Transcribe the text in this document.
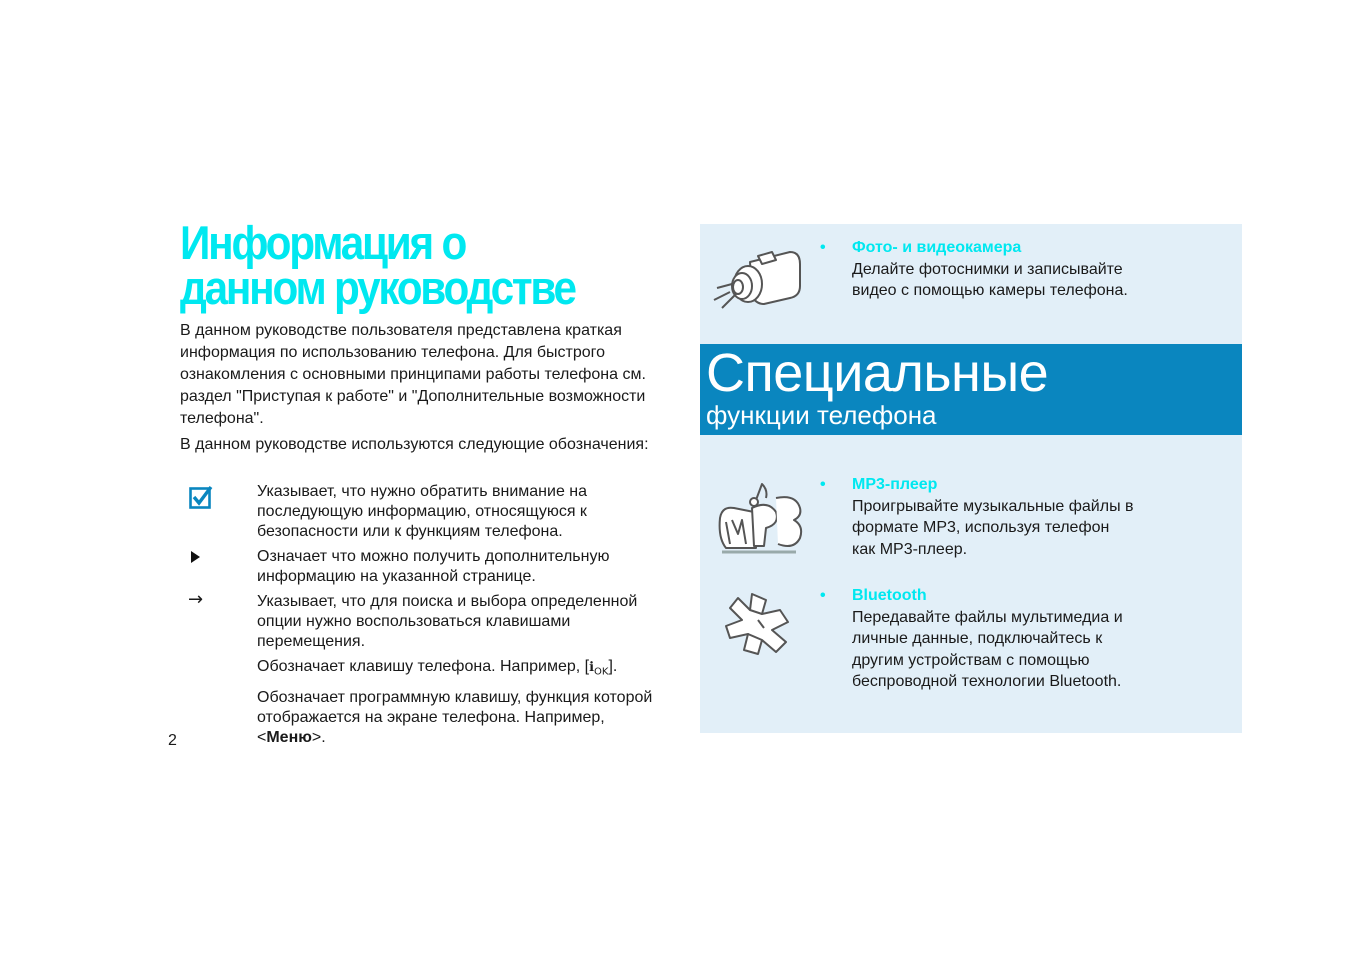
Информация о
данном руководстве

В данном руководстве пользователя представлена краткая информация по использованию телефона. Для быстрого ознакомления с основными принципами работы телефона см. раздел "Приступая к работе" и "Дополнительные возможности телефона".

В данном руководстве используются следующие обозначения:

Указывает, что нужно обратить внимание на последующую информацию, относящуюся к безопасности или к функциям телефона.
Означает что можно получить дополнительную информацию на указанной странице.
→	Указывает, что для поиска и выбора определенной опции нужно воспользоваться клавишами перемещения.
Обозначает клавишу телефона. Например, [ℹ$_{OK}$].
Обозначает программную клавишу, функция которой отображается на экране телефона. Например, <Меню>.
2
Специальные
функции телефона
• Фото- и видеокамера
Делайте фотоснимки и записывайте
видео с помощью камеры телефона.
• MP3-плеер
Проигрывайте музыкальные файлы в
формате MP3, используя телефон
как MP3-плеер.
• Bluetooth
Передавайте файлы мультимедиа и
личные данные, подключайтесь к
другим устройствам с помощью
беспроводной технологии Bluetooth.
